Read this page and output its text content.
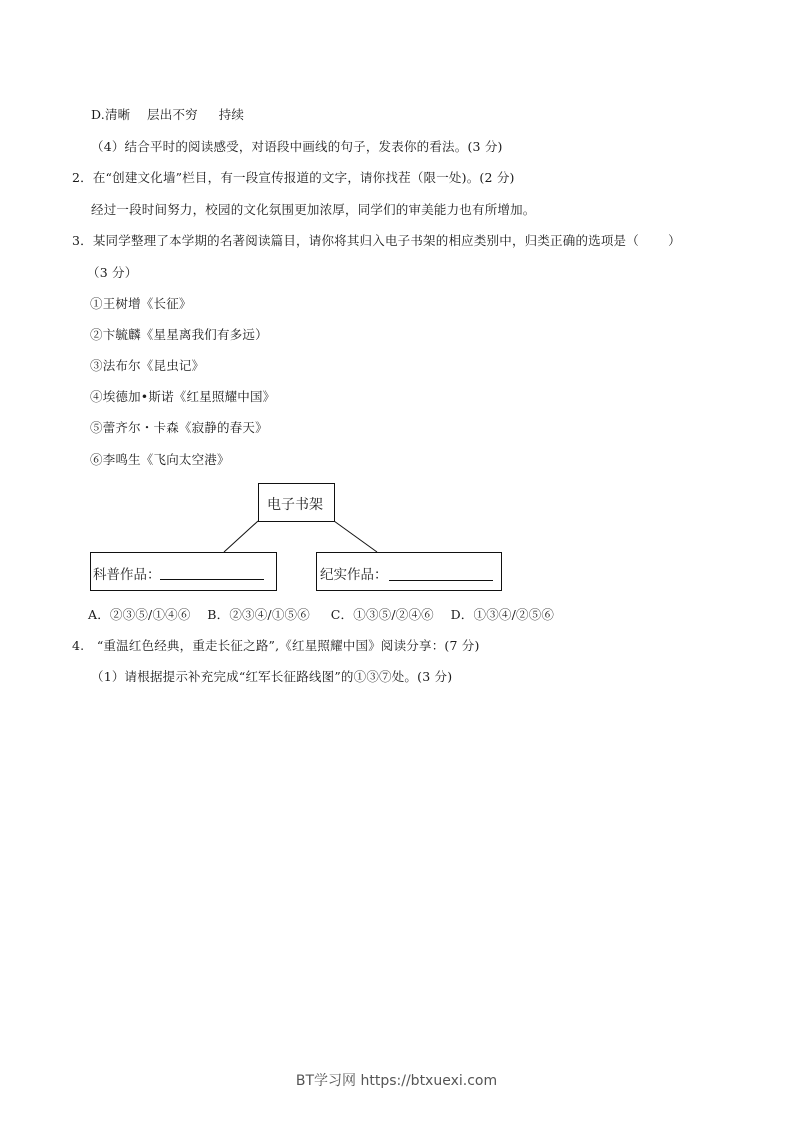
D.清晰    层出不穷     持续
（4）结合平时的阅读感受，对语段中画线的句子，发表你的看法。(3 分)
2．在“创建文化墙”栏目，有一段宣传报道的文字，请你找茬（限一处)。(2 分)
经过一段时间努力，校园的文化氛围更加浓厚，同学们的审美能力也有所增加。
3．某同学整理了本学期的名著阅读篇目，请你将其归入电子书架的相应类别中，归类正确的选项是（       ）
（3 分）
①王树增《长征》
②卞毓麟《星星离我们有多远）
③法布尔《昆虫记》
④埃德加•斯诺《红星照耀中国》
⑤蕾齐尔・卡森《寂静的春天》
⑥李鸣生《飞向太空港》
电子书架
科普作品：	纪实作品：
A．②③⑤/①④⑥    B．②③④/①⑤⑥     C．①③⑤/②④⑥    D．①③④/②⑤⑥
4.   “重温红色经典，重走长征之路”,《红星照耀中国》阅读分享：(7 分)
（1）请根据提示补充完成“红军长征路线图”的①③⑦处。(3 分)
BT学习网 https://btxuexi.com
